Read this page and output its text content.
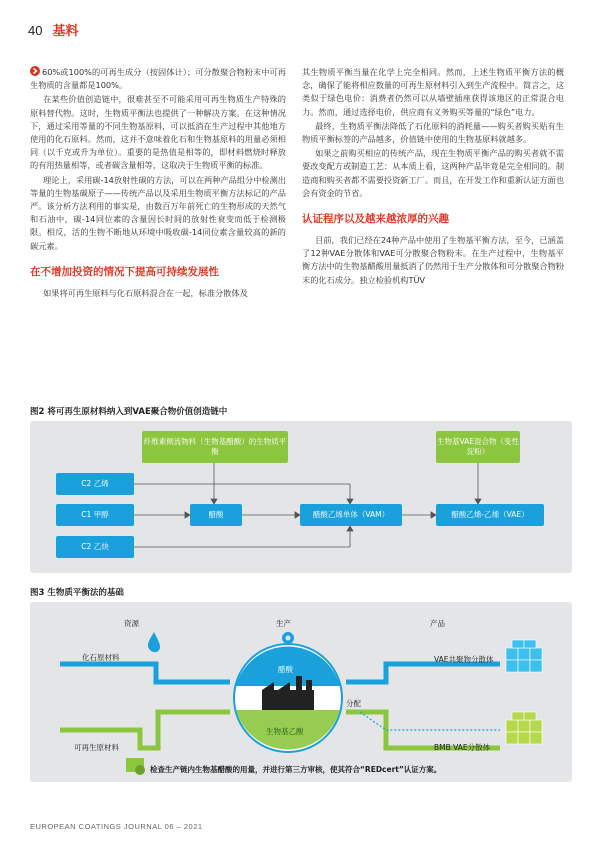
40 基料

60%或100%的可再生成分（按固体计）；可分散聚合物粉末中可再生物质的含量都是100%。

在某些价值创造链中，很难甚至不可能采用可再生物质生产特殊的原料替代物。这时，生物质平衡法也提供了一种解决方案。在这种情况下，通过采用等量的不同生物基原料，可以抵消在生产过程中其他地方使用的化石原料。然而，这并不意味着化石和生物基原料的用量必须相同（以千克或升为单位）。重要的是热值是相等的，即材料燃烧时释放的有用热量相等，或者碳含量相等，这取决于生物质平衡的标准。

理论上，采用碳-14放射性碳的方法，可以在两种产品组分中检测出等量的生物基碳原子——传统产品以及采用生物质平衡方法标记的产品严。该分析方法利用的事实是，由数百万年前死亡的生物形成的天然气和石油中，碳-14同位素的含量因长时间的放射性衰变而低于检测极限。相反，活的生物不断地从环境中吸收碳-14同位素含量较高的新的碳元素。

在不增加投资的情况下提高可持续发展性

如果将可再生原料与化石原料混合在一起，标准分散体及

其生物质平衡当量在化学上完全相同。然而，上述生物质平衡方法的概念，确保了能将相应数量的可再生原材料引入到生产流程中。简言之，这类似于绿色电价：消费者仍然可以从墙壁插座获得该地区的正常混合电力。然而，通过选择电价，供应商有义务购买等量的“绿色”电力。

最终，生物质平衡法降低了石化原料的消耗量——购买者购买贴有生物质平衡标签的产品越多，价值链中使用的生物基原料就越多。

如果之前购买相应的传统产品，现在生物质平衡产品的购买者就不需要改变配方或制造工艺：从本质上看，这两种产品毕竟是完全相同的。制造商和购买者都不需要投资新工厂。而且，在开发工作和重新认证方面也会有资金的节省。

认证程序以及越来越浓厚的兴趣

目前，我们已经在24种产品中使用了生物基平衡方法，至今，已涵盖了12种VAE分散体和VAE可分散聚合物粉末。在生产过程中，生物基平衡方法中的生物基醋酸用量抵消了仍然用于生产分散体和可分散聚合物粉末的化石成分。独立检验机构TÜV

图2 将可再生原材料纳入到VAE聚合物价值创造链中
纤维素侧流物料（生物基醋酸）的生物质平衡
生物基VAE混合物（变性淀粉）
C2 乙烯
C1 甲醇
C2 乙炔
醋酸	醋酸乙烯单体（VAM）	醋酸乙烯-乙烯（VAE）
图3 生物质平衡法的基础
资源	生产	产品
化石原材料
可再生原材料
醋酸
生物基乙酸
分配
VAE共聚物分散体
BMB VAE分散体
检查生产链内生物基醋酸的用量，并进行第三方审核，使其符合“REDcert”认证方案。
EUROPEAN COATINGS JOURNAL 06 – 2021
